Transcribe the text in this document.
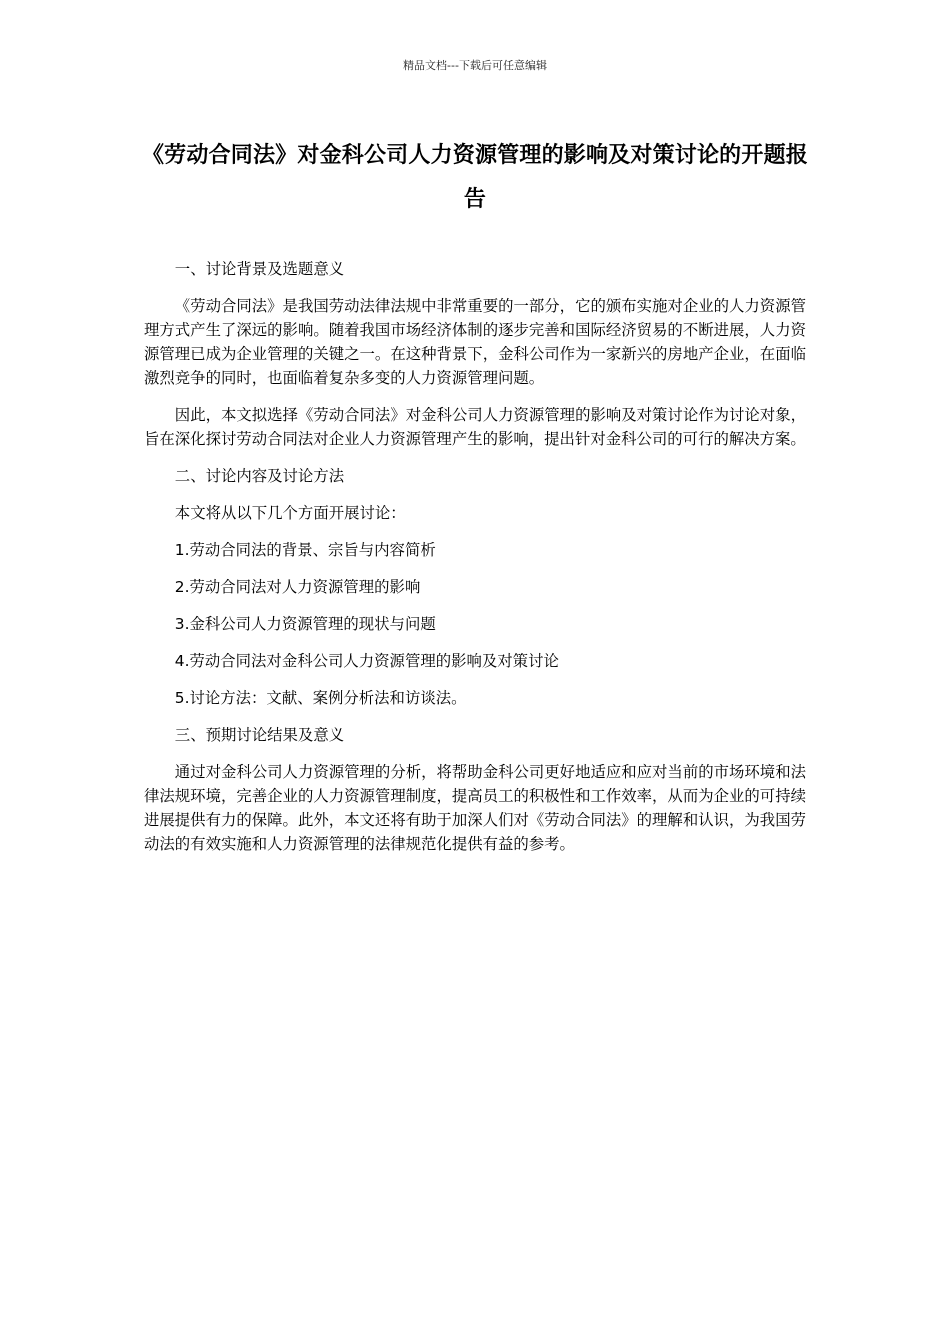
精品文档---下载后可任意编辑
《劳动合同法》对金科公司人力资源管理的影响及对策讨论的开题报告

一、讨论背景及选题意义

《劳动合同法》是我国劳动法律法规中非常重要的一部分，它的颁布实施对企业的人力资源管理方式产生了深远的影响。随着我国市场经济体制的逐步完善和国际经济贸易的不断进展，人力资源管理已成为企业管理的关键之一。在这种背景下，金科公司作为一家新兴的房地产企业，在面临激烈竞争的同时，也面临着复杂多变的人力资源管理问题。

因此，本文拟选择《劳动合同法》对金科公司人力资源管理的影响及对策讨论作为讨论对象，旨在深化探讨劳动合同法对企业人力资源管理产生的影响，提出针对金科公司的可行的解决方案。

二、讨论内容及讨论方法

本文将从以下几个方面开展讨论：

1.劳动合同法的背景、宗旨与内容简析

2.劳动合同法对人力资源管理的影响

3.金科公司人力资源管理的现状与问题

4.劳动合同法对金科公司人力资源管理的影响及对策讨论

5.讨论方法：文献、案例分析法和访谈法。

三、预期讨论结果及意义

通过对金科公司人力资源管理的分析，将帮助金科公司更好地适应和应对当前的市场环境和法律法规环境，完善企业的人力资源管理制度，提高员工的积极性和工作效率，从而为企业的可持续进展提供有力的保障。此外，本文还将有助于加深人们对《劳动合同法》的理解和认识，为我国劳动法的有效实施和人力资源管理的法律规范化提供有益的参考。
